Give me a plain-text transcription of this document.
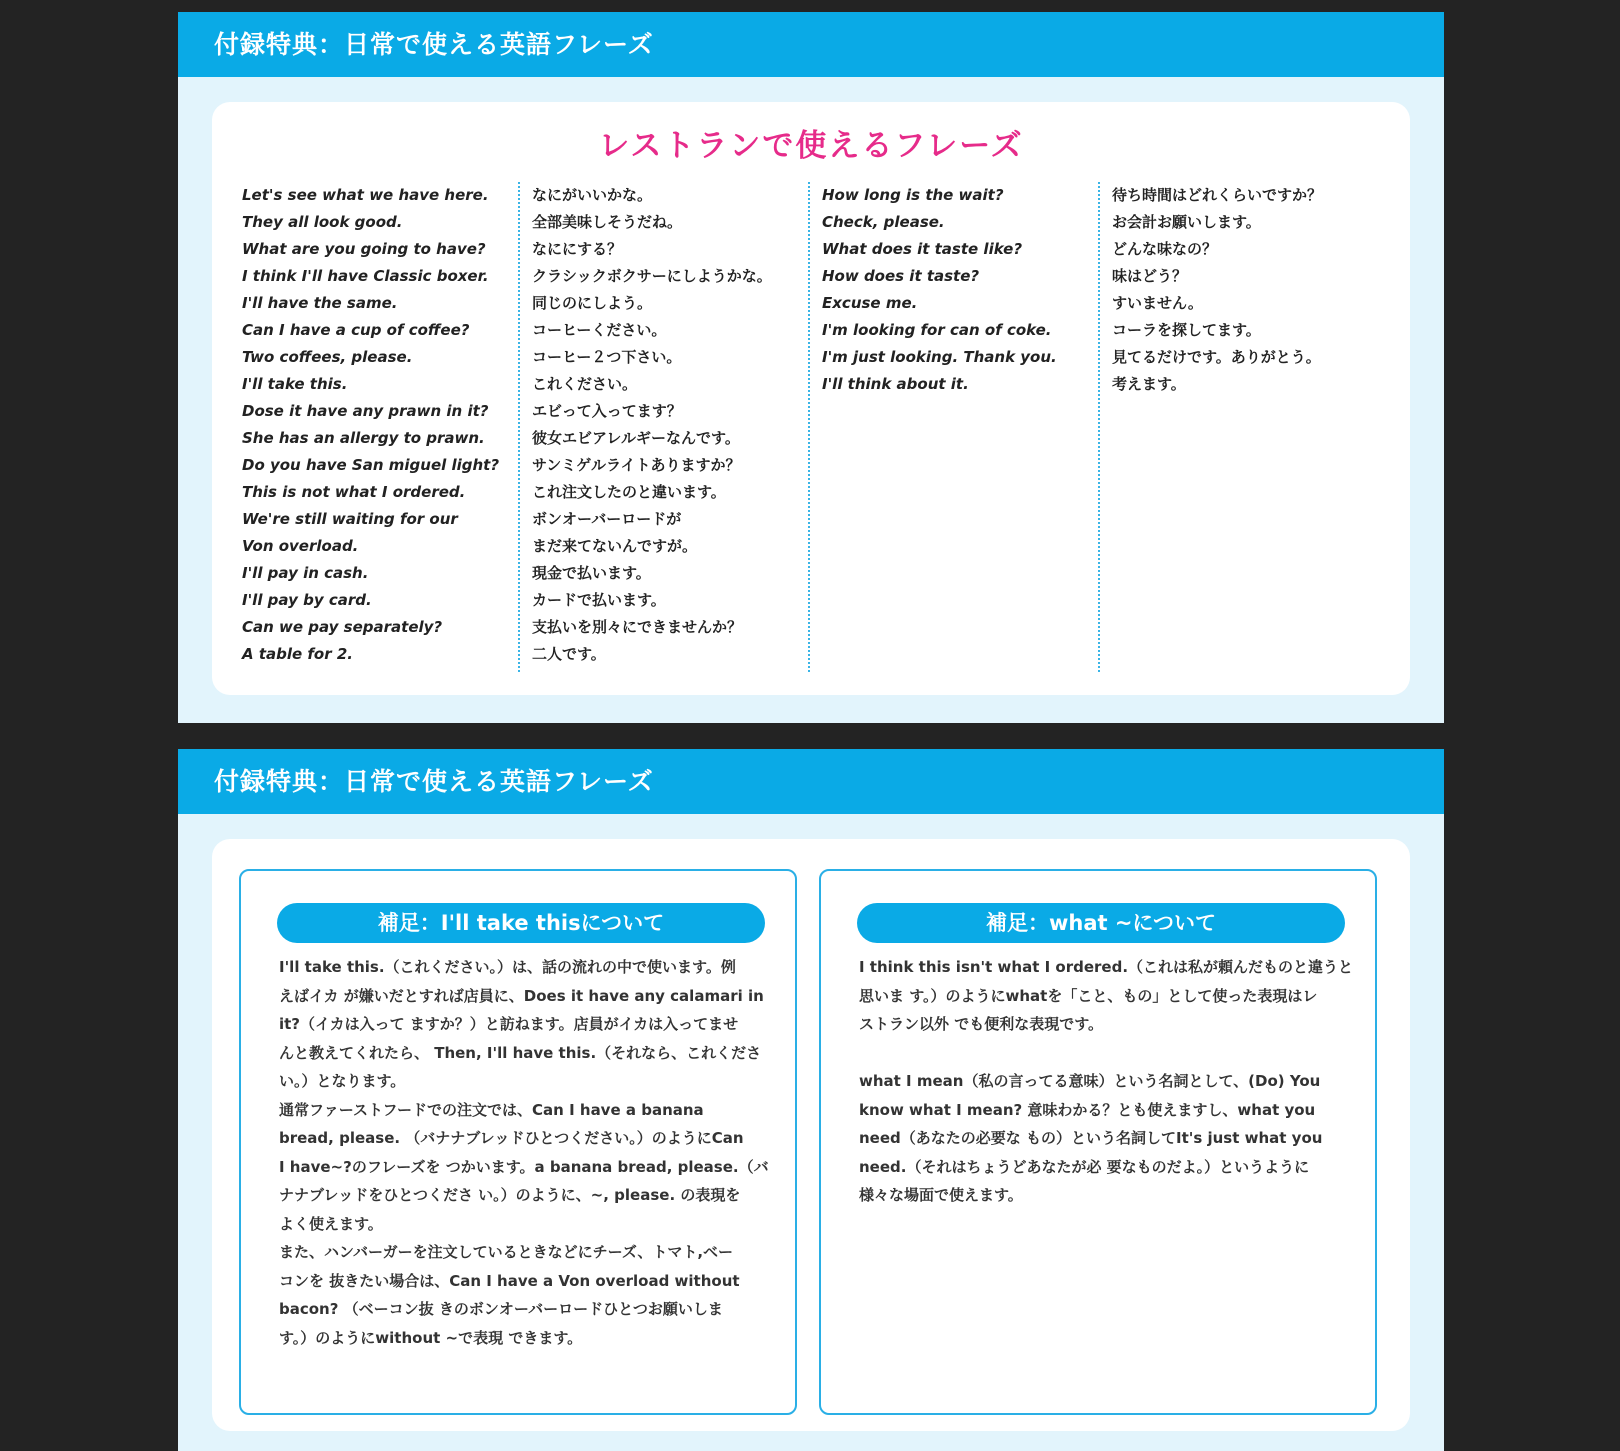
付録特典：日常で使える英語フレーズ
レストランで使えるフレーズ
Let's see what we have here.
They all look good.
What are you going to have?
I think I'll have Classic boxer.
I'll have the same.
Can I have a cup of coffee?
Two coffees, please.
I'll take this.
Dose it have any prawn in it?
She has an allergy to prawn.
Do you have San miguel light?
This is not what I ordered.
We're still waiting for our
Von overload.
I'll pay in cash.
I'll pay by card.
Can we pay separately?
A table for 2.
なにがいいかな。
全部美味しそうだね。
なににする？
クラシックボクサーにしようかな。
同じのにしよう。
コーヒーください。
コーヒー２つ下さい。
これください。
エビって入ってます？
彼女エビアレルギーなんです。
サンミゲルライトありますか？
これ注文したのと違います。
ボンオーバーロードが
まだ来てないんですが。
現金で払います。
カードで払います。
支払いを別々にできませんか？
二人です。
How long is the wait?
Check, please.
What does it taste like?
How does it taste?
Excuse me.
I'm looking for can of coke.
I'm just looking. Thank you.
I'll think about it.
待ち時間はどれくらいですか？
お会計お願いします。
どんな味なの？
味はどう？
すいません。
コーラを探してます。
見てるだけです。ありがとう。
考えます。
付録特典：日常で使える英語フレーズ
補足：I'll take thisについて

I'll take this.（これください。）は、話の流れの中で使います。例

えばイカ が嫌いだとすれば店員に、Does it have any calamari in

it?（イカは入って ますか？）と訪ねます。店員がイカは入ってませ

んと教えてくれたら、 Then, I'll have this.（それなら、これくださ

い。）となります。

通常ファーストフードでの注文では、Can I have a banana

bread, please. （バナナブレッドひとつください。）のようにCan

I have~?のフレーズを つかいます。a banana bread, please.（バ

ナナブレッドをひとつくださ い。）のように、~, please. の表現を

よく使えます。

また、ハンバーガーを注文しているときなどにチーズ、トマト,ベー

コンを 抜きたい場合は、Can I have a Von overload without

bacon? （ベーコン抜 きのボンオーバーロードひとつお願いしま

す。）のようにwithout ~で表現 できます。

補足：what ~について

I think this isn't what I ordered.（これは私が頼んだものと違うと

思いま す。）のようにwhatを「こと、もの」として使った表現はレ

ストラン以外 でも便利な表現です。

what I mean（私の言ってる意味）という名詞として、(Do) You

know what I mean? 意味わかる？とも使えますし、what you

need（あなたの必要な もの）という名詞してIt's just what you

need.（それはちょうどあなたが必 要なものだよ。）というように

様々な場面で使えます。
